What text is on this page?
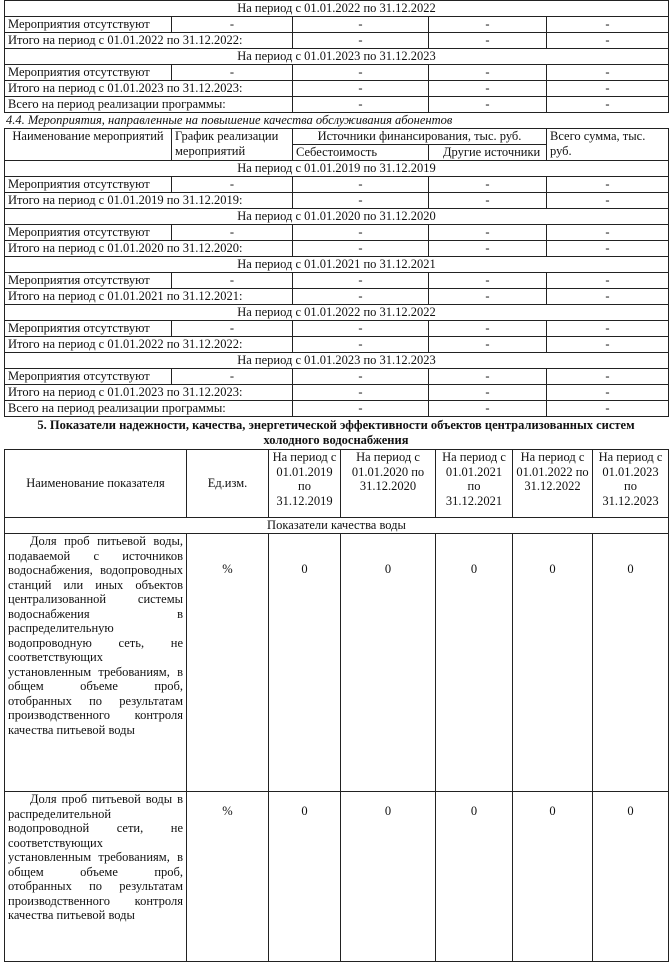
На период с 01.01.2022 по 31.12.2022				
Мероприятия отсутствуют	-	-	-	-
Итого на период с 01.01.2022 по 31.12.2022:		-	-	-
На период с 01.01.2023 по 31.12.2023				
Мероприятия отсутствуют	-	-	-	-
Итого на период с 01.01.2023 по 31.12.2023:		-	-	-
Всего на период реализации программы:		-	-	-
4.4. Мероприятия, направленные на повышение качества обслуживания абонентов
Наименование мероприятий	График реализации мероприятий	Источники финансирования, тыс. руб.		Всего сумма, тыс. руб.
		Себестоимость	Другие источники	
На период с 01.01.2019 по 31.12.2019				
Мероприятия отсутствуют	-	-	-	-
Итого на период с 01.01.2019 по 31.12.2019:		-	-	-
На период с 01.01.2020 по 31.12.2020				
Мероприятия отсутствуют	-	-	-	-
Итого на период с 01.01.2020 по 31.12.2020:		-	-	-
На период с 01.01.2021 по 31.12.2021				
Мероприятия отсутствуют	-	-	-	-
Итого на период с 01.01.2021 по 31.12.2021:		-	-	-
На период с 01.01.2022 по 31.12.2022				
Мероприятия отсутствуют	-	-	-	-
Итого на период с 01.01.2022 по 31.12.2022:		-	-	-
На период с 01.01.2023 по 31.12.2023				
Мероприятия отсутствуют	-	-	-	-
Итого на период с 01.01.2023 по 31.12.2023:		-	-	-
Всего на период реализации программы:		-	-	-
5. Показатели надежности, качества, энергетической эффективности объектов централизованных систем холодного водоснабжения
Наименование показателя	Ед.изм.	На период с 01.01.2019 по 31.12.2019	На период с 01.01.2020 по 31.12.2020	На период с 01.01.2021 по 31.12.2021	На период с 01.01.2022 по 31.12.2022	На период с 01.01.2023 по 31.12.2023
Показатели качества воды						
Доля проб питьевой воды, подаваемой с источников водоснабжения, водопроводных станций или иных объектов централизованной системы водоснабжения в распределительную водопроводную сеть, не соответствующих установленным требованиям, в общем объеме проб, отобранных по результатам производственного контроля качества питьевой воды	%	0	0	0	0	0
Доля проб питьевой воды в распределительной водопроводной сети, не соответствующих установленным требованиям, в общем объеме проб, отобранных по результатам производственного контроля качества питьевой воды	%	0	0	0	0	0
